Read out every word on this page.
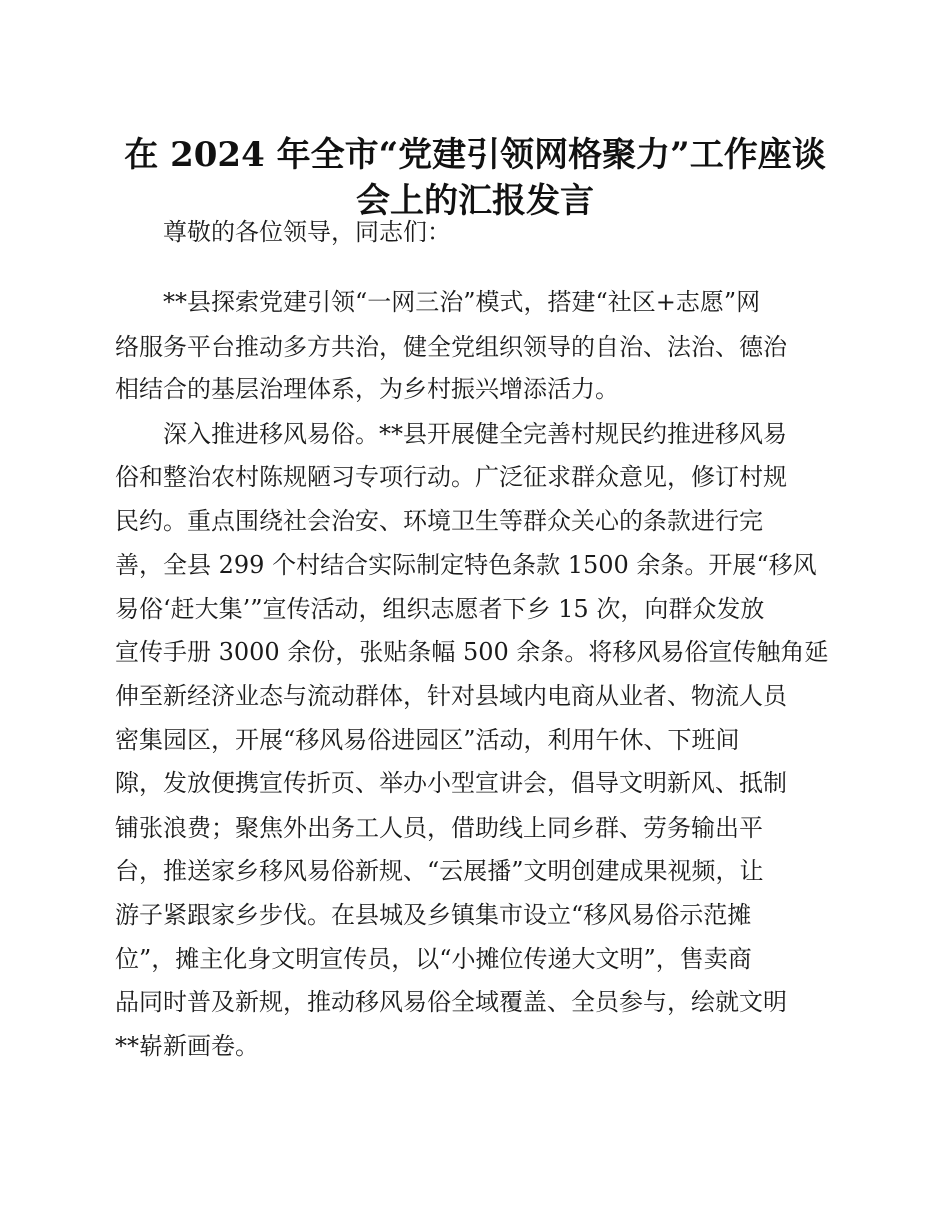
在 2024 年全市“党建引领网格聚力”工作座谈
会上的汇报发言

尊敬的各位领导，同志们：

**县探索党建引领“一网三治”模式，搭建“社区+志愿”网

络服务平台推动多方共治，健全党组织领导的自治、法治、德治

相结合的基层治理体系，为乡村振兴增添活力。

深入推进移风易俗。**县开展健全完善村规民约推进移风易

俗和整治农村陈规陋习专项行动。广泛征求群众意见，修订村规

民约。重点围绕社会治安、环境卫生等群众关心的条款进行完

善，全县 299 个村结合实际制定特色条款 1500 余条。开展“移风

易俗‘赶大集’”宣传活动，组织志愿者下乡 15 次，向群众发放

宣传手册 3000 余份，张贴条幅 500 余条。将移风易俗宣传触角延

伸至新经济业态与流动群体，针对县域内电商从业者、物流人员

密集园区，开展“移风易俗进园区”活动，利用午休、下班间

隙，发放便携宣传折页、举办小型宣讲会，倡导文明新风、抵制

铺张浪费；聚焦外出务工人员，借助线上同乡群、劳务输出平

台，推送家乡移风易俗新规、“云展播”文明创建成果视频，让

游子紧跟家乡步伐。在县城及乡镇集市设立“移风易俗示范摊

位”，摊主化身文明宣传员，以“小摊位传递大文明”，售卖商

品同时普及新规，推动移风易俗全域覆盖、全员参与，绘就文明

**崭新画卷。
